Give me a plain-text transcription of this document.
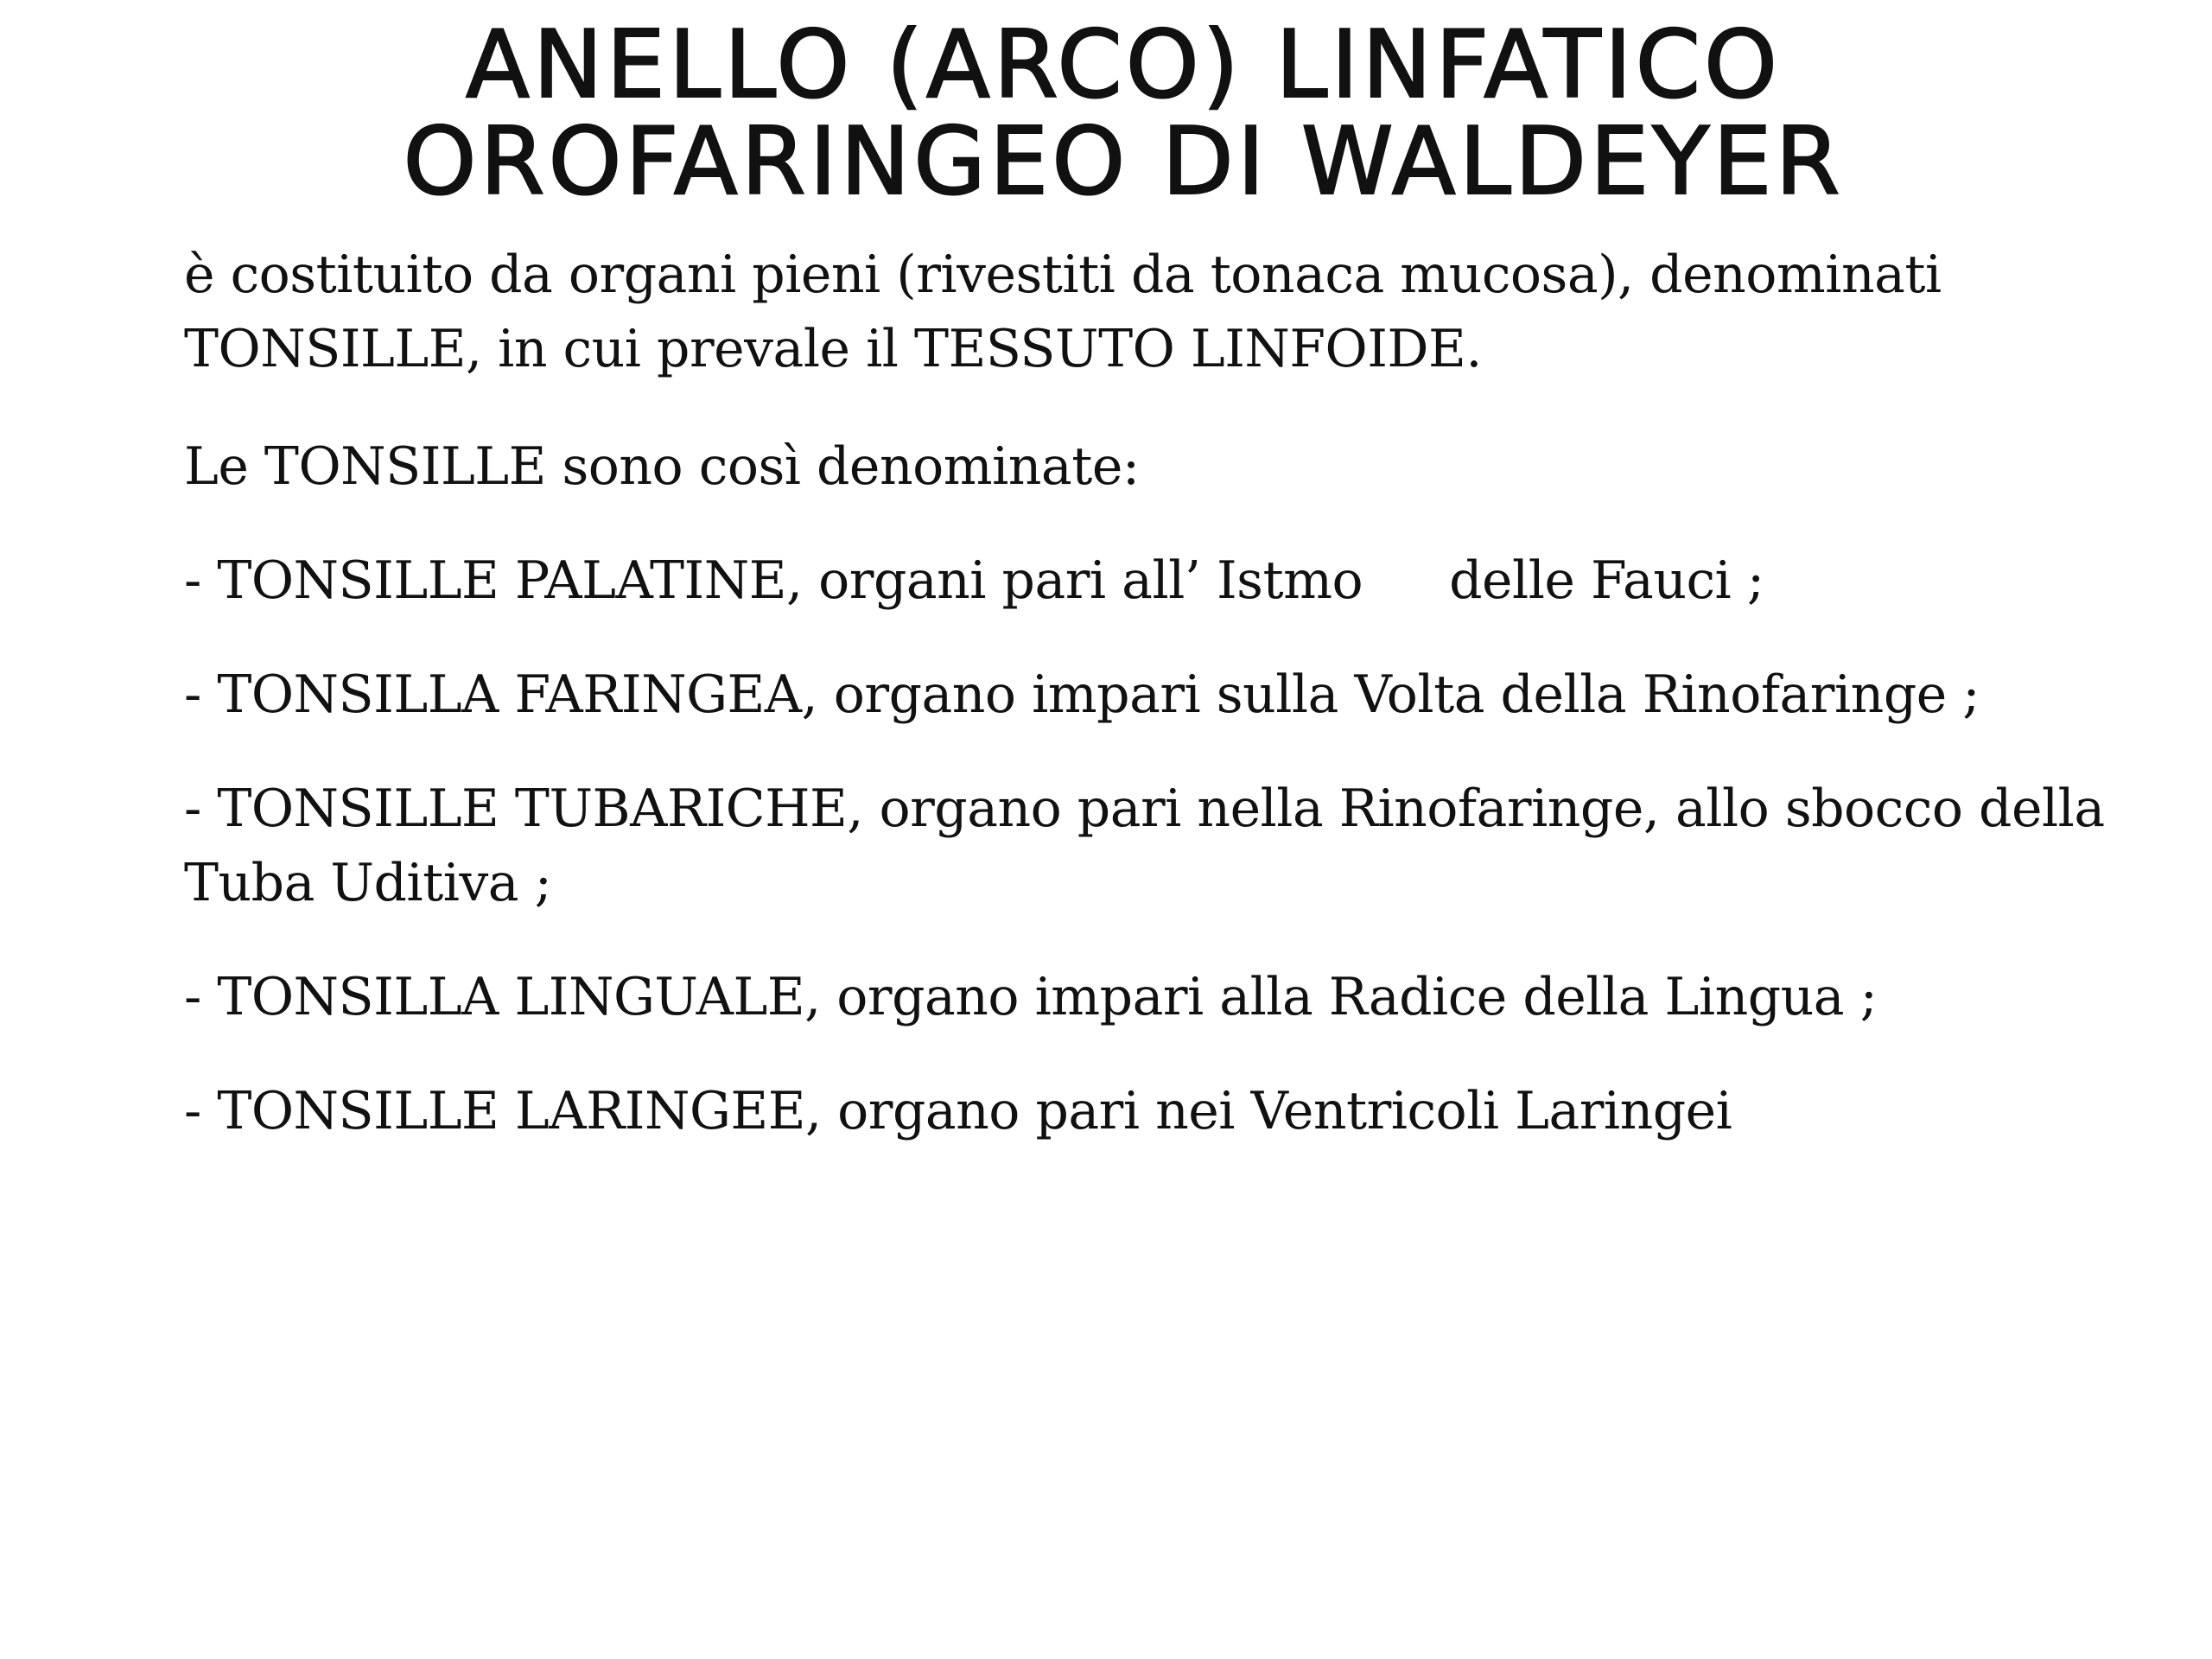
ANELLO (ARCO) LINFATICO
OROFARINGEO DI WALDEYER

è costituito da organi pieni (rivestiti da tonaca mucosa), denominati TONSILLE, in cui prevale il TESSUTO LINFOIDE.

Le TONSILLE sono così denominate:

- TONSILLE PALATINE, organi pari all’ Istmo delle Fauci ;

- TONSILLA FARINGEA, organo impari sulla Volta della Rinofaringe ;

- TONSILLE TUBARICHE, organo pari nella Rinofaringe, allo sbocco della Tuba Uditiva ;

- TONSILLA LINGUALE, organo impari alla Radice della Lingua ;

- TONSILLE LARINGEE, organo pari nei Ventricoli Laringei
